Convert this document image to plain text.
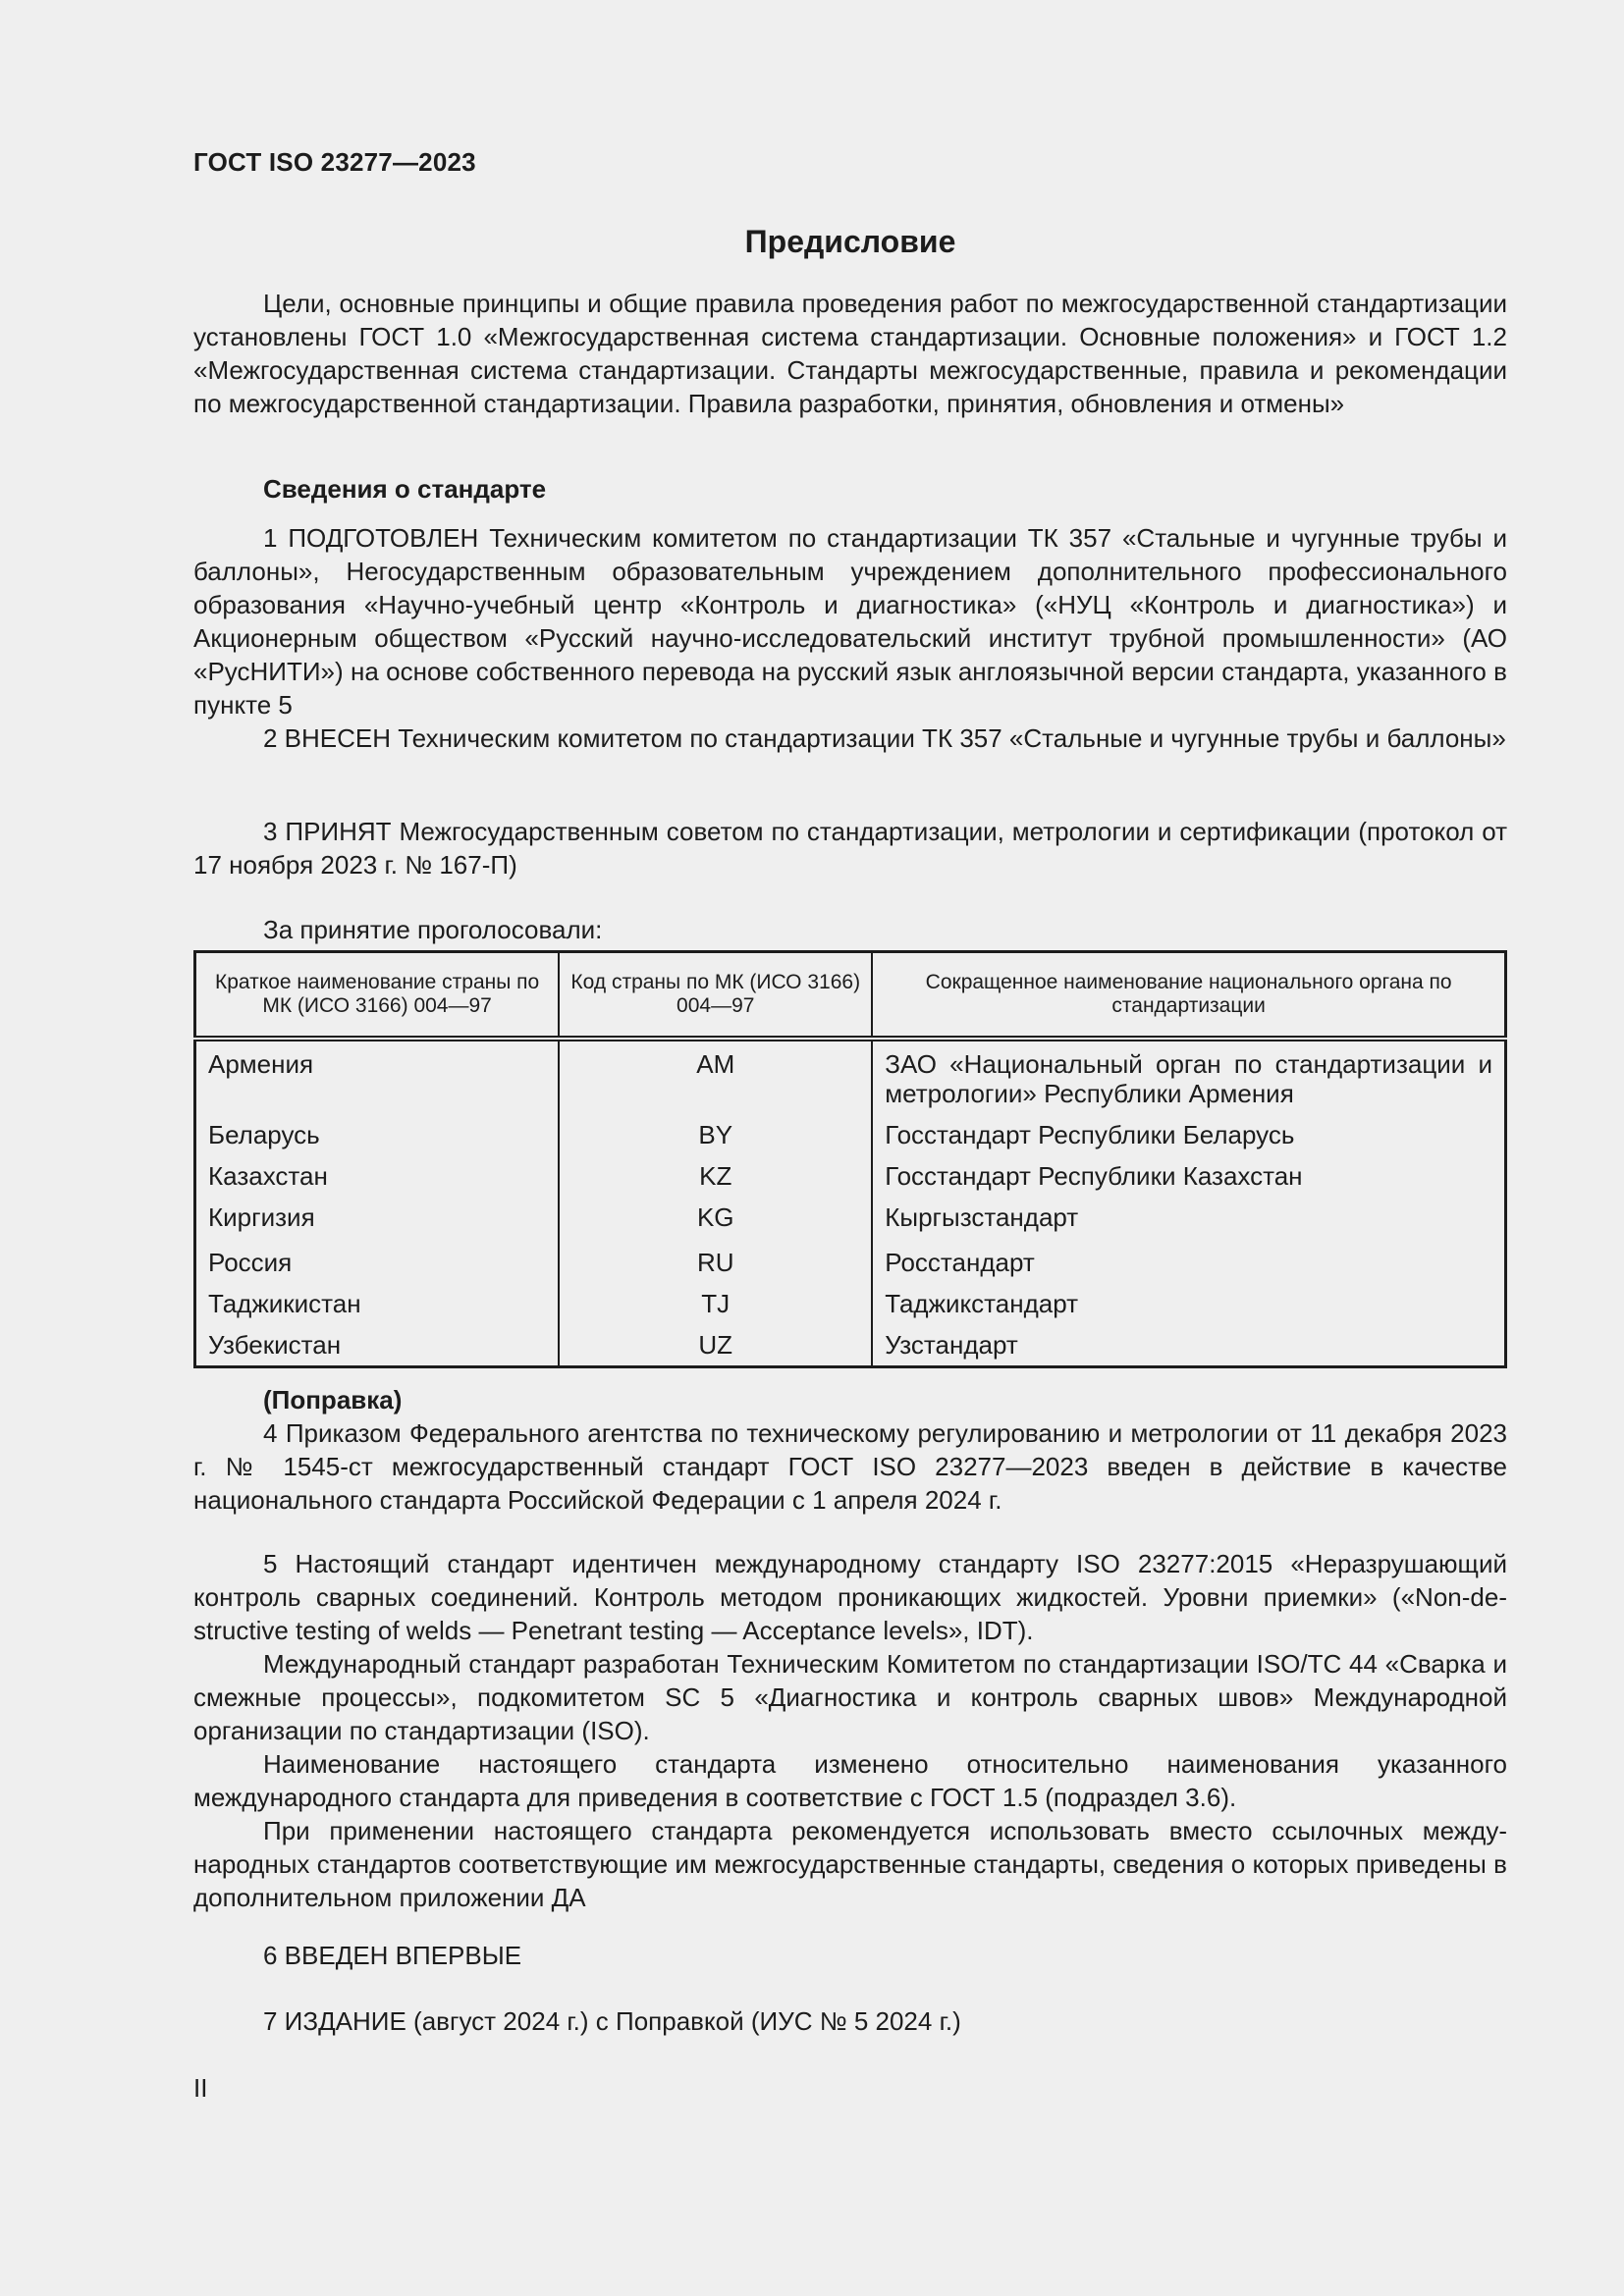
ГОСТ ISO 23277—2023
Предисловие

Цели, основные принципы и общие правила проведения работ по межгосударственной стандартизации установлены ГОСТ 1.0 «Межгосударственная система стандартизации. Основные положения» и ГОСТ 1.2 «Межгосударственная система стандартизации. Стандарты межгосударственные, правила и рекомендации по межгосударственной стандартизации. Правила разработки, принятия, обновления и отмены»

Сведения о стандарте

1 ПОДГОТОВЛЕН Техническим комитетом по стандартизации ТК 357 «Стальные и чугунные трубы и баллоны», Негосударственным образовательным учреждением дополнительного профессионального образования «Научно-учебный центр «Контроль и диагностика» («НУЦ «Контроль и диагностика») и Акционерным обществом «Русский научно-исследовательский институт трубной промышленности» (АО «РусНИТИ») на основе собственного перевода на русский язык англоязычной версии стандарта, указанного в пункте 5

2 ВНЕСЕН Техническим комитетом по стандартизации ТК 357 «Стальные и чугунные трубы и баллоны»

3 ПРИНЯТ Межгосударственным советом по стандартизации, метрологии и сертификации (протокол от 17 ноября 2023 г. № 167-П)

За принятие проголосовали:

Краткое наименование страны по МК (ИСО 3166) 004—97	Код страны по МК (ИСО 3166) 004—97	Сокращенное наименование национального органа по стандартизации
Армения	AM	ЗАО «Национальный орган по стандартизации и метрологии» Республики Армения
Беларусь	BY	Госстандарт Республики Беларусь
Казахстан	KZ	Госстандарт Республики Казахстан
Киргизия	KG	Кыргызстандарт
Россия	RU	Росстандарт
Таджикистан	TJ	Таджикстандарт
Узбекистан	UZ	Узстандарт

(Поправка)

4 Приказом Федерального агентства по техническому регулированию и метрологии от 11 декабря 2023 г. № 1545-ст межгосударственный стандарт ГОСТ ISO 23277—2023 введен в действие в качестве национального стандарта Российской Федерации с 1 апреля 2024 г.

5 Настоящий стандарт идентичен международному стандарту ISO 23277:2015 «Неразрушающий контроль сварных соединений. Контроль методом проникающих жидкостей. Уровни приемки» («Non-destructive testing of welds — Penetrant testing — Acceptance levels», IDT).

Международный стандарт разработан Техническим Комитетом по стандартизации ISO/TC 44 «Сварка и смежные процессы», подкомитетом SC 5 «Диагностика и контроль сварных швов» Международной организации по стандартизации (ISO).

Наименование настоящего стандарта изменено относительно наименования указанного международного стандарта для приведения в соответствие с ГОСТ 1.5 (подраздел 3.6).

При применении настоящего стандарта рекомендуется использовать вместо ссылочных международных стандартов соответствующие им межгосударственные стандарты, сведения о которых приведены в дополнительном приложении ДА

6 ВВЕДЕН ВПЕРВЫЕ

7 ИЗДАНИЕ (август 2024 г.) с Поправкой (ИУС № 5 2024 г.)

II
